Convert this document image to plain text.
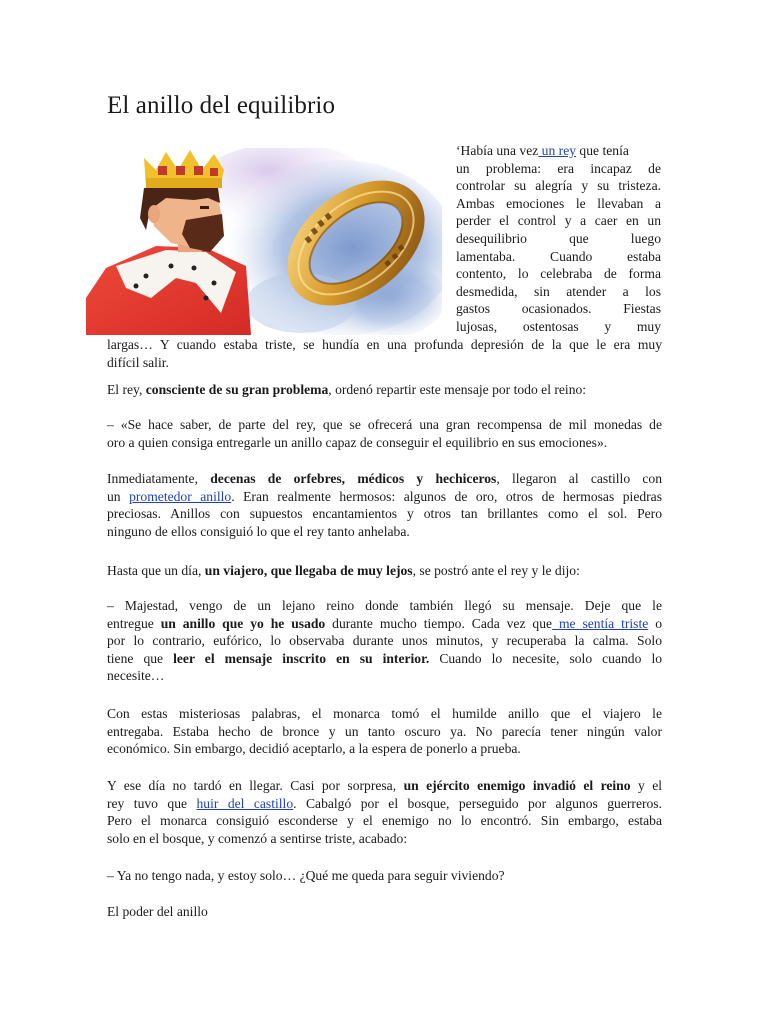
El anillo del equilibrio
‘Había una vez un rey que tenía
un problema: era incapaz de
controlar su alegría y su tristeza.
Ambas emociones le llevaban a
perder el control y a caer en un
desequilibrio que luego
lamentaba. Cuando estaba
contento, lo celebraba de forma
desmedida, sin atender a los
gastos ocasionados. Fiestas
lujosas, ostentosas y muy
largas… Y cuando estaba triste, se hundía en una profunda depresión de la que le era muy
difícil salir.
El rey, consciente de su gran problema, ordenó repartir este mensaje por todo el reino:
– «Se hace saber, de parte del rey, que se ofrecerá una gran recompensa de mil monedas de
oro a quien consiga entregarle un anillo capaz de conseguir el equilibrio en sus emociones».
Inmediatamente, decenas de orfebres, médicos y hechiceros, llegaron al castillo con
un prometedor anillo. Eran realmente hermosos: algunos de oro, otros de hermosas piedras
preciosas. Anillos con supuestos encantamientos y otros tan brillantes como el sol. Pero
ninguno de ellos consiguió lo que el rey tanto anhelaba.
Hasta que un día, un viajero, que llegaba de muy lejos, se postró ante el rey y le dijo:
– Majestad, vengo de un lejano reino donde también llegó su mensaje. Deje que le
entregue un anillo que yo he usado durante mucho tiempo. Cada vez que me sentía triste o
por lo contrario, eufórico, lo observaba durante unos minutos, y recuperaba la calma. Solo
tiene que leer el mensaje inscrito en su interior. Cuando lo necesite, solo cuando lo
necesite…
Con estas misteriosas palabras, el monarca tomó el humilde anillo que el viajero le
entregaba. Estaba hecho de bronce y un tanto oscuro ya. No parecía tener ningún valor
económico. Sin embargo, decidió aceptarlo, a la espera de ponerlo a prueba.
Y ese día no tardó en llegar. Casi por sorpresa, un ejército enemigo invadió el reino y el
rey tuvo que huir del castillo. Cabalgó por el bosque, perseguido por algunos guerreros.
Pero el monarca consiguió esconderse y el enemigo no lo encontró. Sin embargo, estaba
solo en el bosque, y comenzó a sentirse triste, acabado:
– Ya no tengo nada, y estoy solo… ¿Qué me queda para seguir viviendo?
El poder del anillo
